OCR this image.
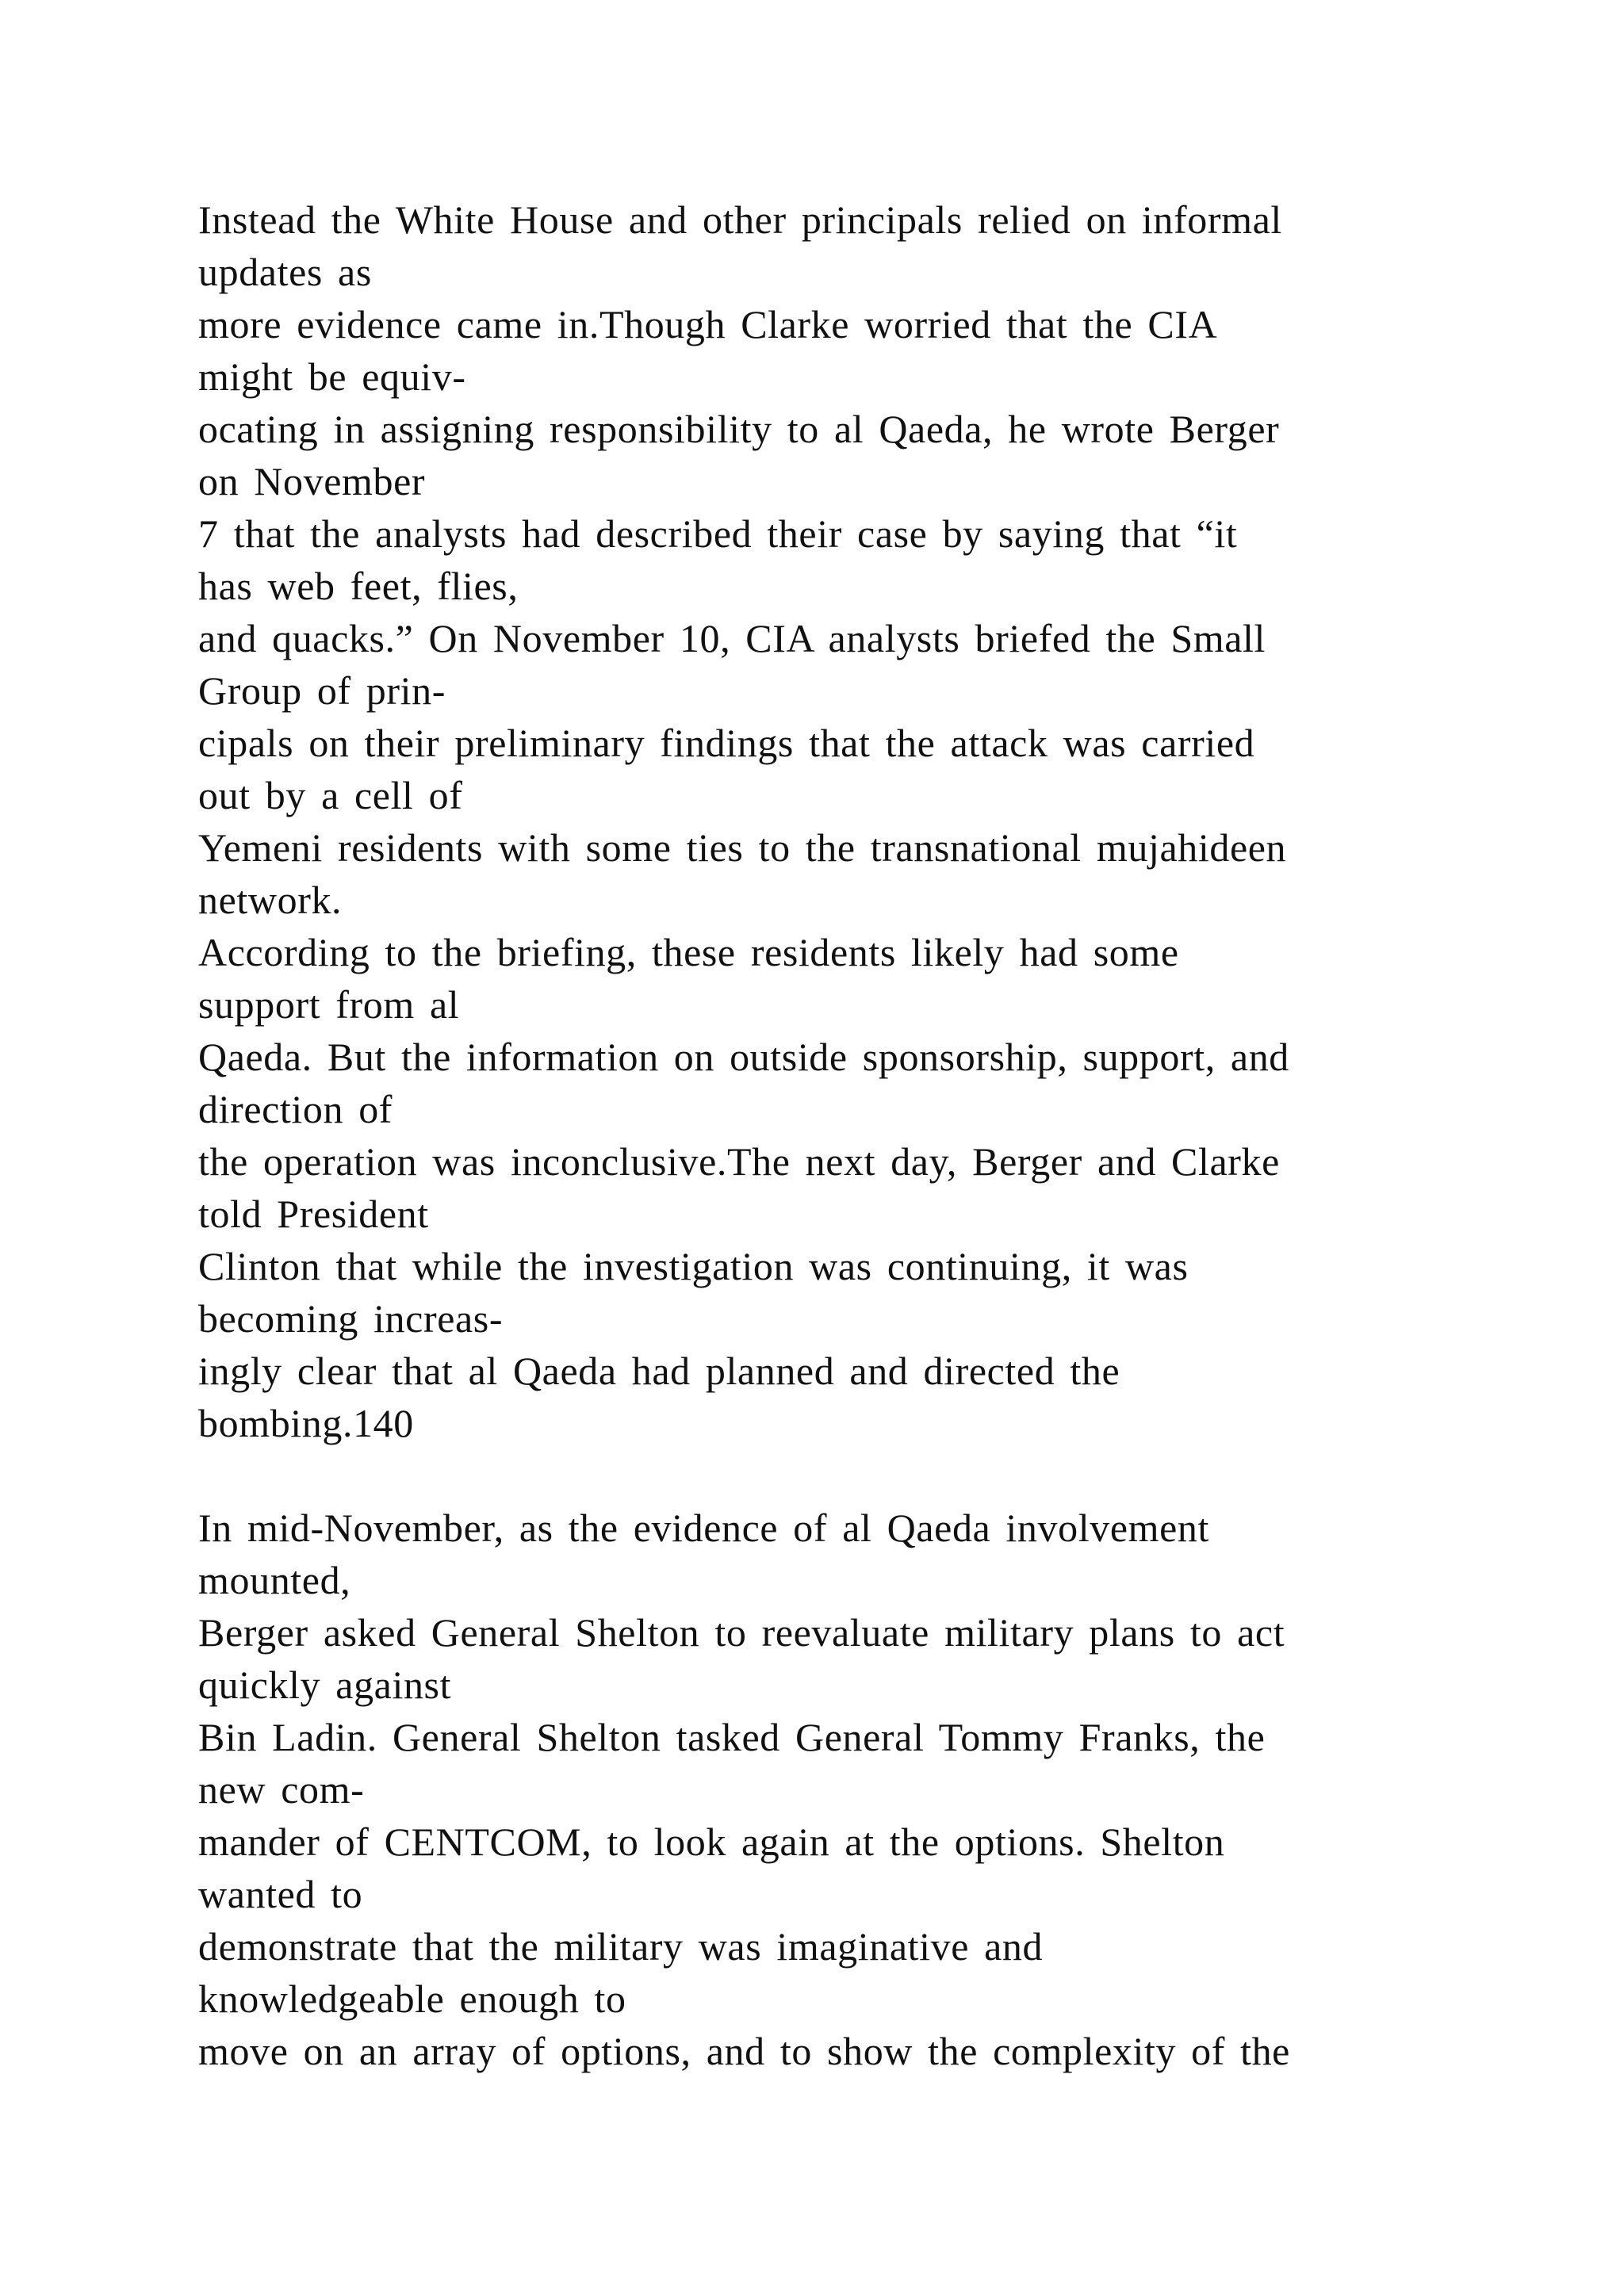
Instead the White House and other principals relied on informal
updates as
more evidence came in.Though Clarke worried that the CIA
might be equiv-
ocating in assigning responsibility to al Qaeda, he wrote Berger
on November
7 that the analysts had described their case by saying that “it
has web feet, flies,
and quacks.” On November 10, CIA analysts briefed the Small
Group of prin-
cipals on their preliminary findings that the attack was carried
out by a cell of
Yemeni residents with some ties to the transnational mujahideen
network.
According to the briefing, these residents likely had some
support from al
Qaeda. But the information on outside sponsorship, support, and
direction of
the operation was inconclusive.The next day, Berger and Clarke
told President
Clinton that while the investigation was continuing, it was
becoming increas-
ingly clear that al Qaeda had planned and directed the
bombing.140
In mid-November, as the evidence of al Qaeda involvement
mounted,
Berger asked General Shelton to reevaluate military plans to act
quickly against
Bin Ladin. General Shelton tasked General Tommy Franks, the
new com-
mander of CENTCOM, to look again at the options. Shelton
wanted to
demonstrate that the military was imaginative and
knowledgeable enough to
move on an array of options, and to show the complexity of the
